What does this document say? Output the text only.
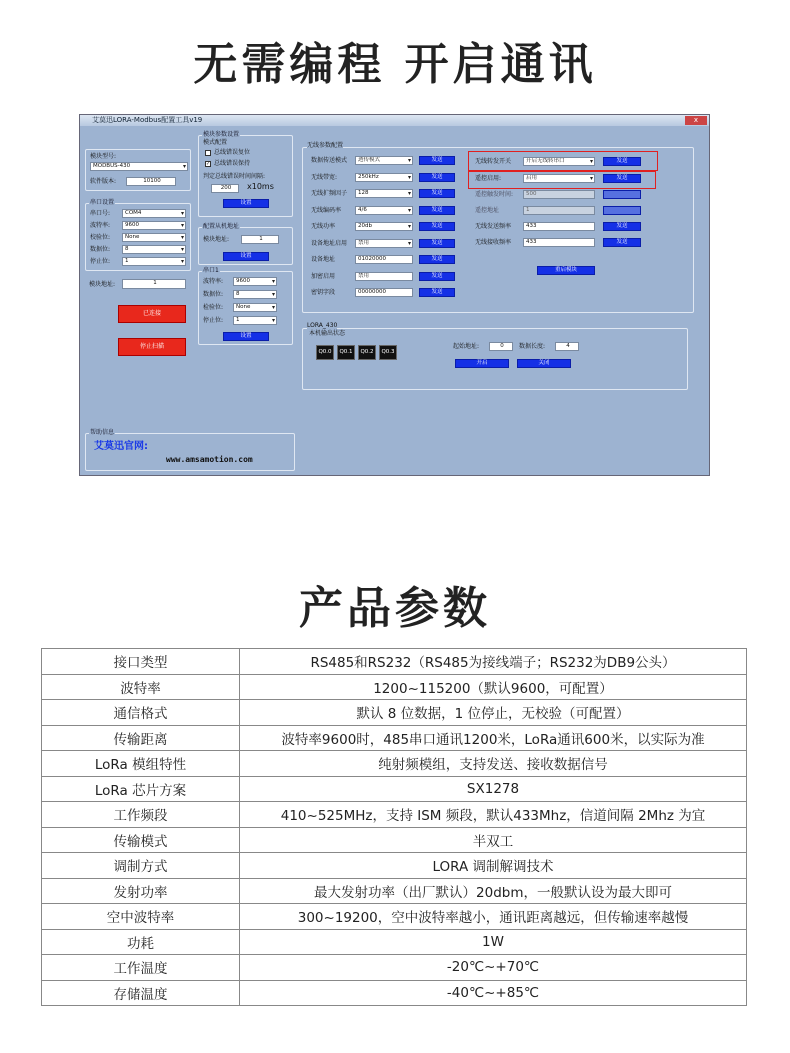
无需编程 开启通讯
艾莫迅LORA-Modbus配置工具v19	x
模块型号:
MODBUS-430 ▾
软件版本:	10100
串口设置
串口号:	COM4 ▾
波特率:	9600 ▾
校验位:	None ▾
数据位:	8 ▾
停止位:	1 ▾
模块地址:	1
已连接
停止扫描
模块参数设置
模式配置
总线错误复位
✓ 总线错误保持
判定总线错误时间间隔:
200	x10ms
设置
配置从机地址
模块地址:	1
设置
串口1
波特率:	9600 ▾
数据位:	8 ▾
检验位:	None ▾
停止位:	1 ▾
设置
无线参数配置
数据传送模式	透传模式 ▾	发送
无线带宽:	250kHz ▾	发送
无线扩频因子	128 ▾	发送
无线编码率	4/6 ▾	发送
无线功率	20db ▾	发送
设备地址启用	禁用 ▾	发送
设备地址	01020000	发送
加密启用	禁用	发送
密钥字段	00000000	发送
无线转发开关	开启无线转串口 ▾	发送
遥控启用:	启用 ▾	发送
遥控触发时间:	500
遥控地址	1
无线发送频率	433	发送
无线接收频率	433	发送
重启模块
LORA_430
本机输出状态
Q0.0	Q0.1	Q0.2	Q0.3
起始地址:	0	数据长度:	4
开启	关闭
帮助信息
艾莫迅官网:
www.amsamotion.com
产品参数
接口类型	RS485和RS232（RS485为接线端子；RS232为DB9公头）
波特率	1200~115200（默认9600，可配置）
通信格式	默认 8 位数据，1 位停止，无校验（可配置）
传输距离	波特率9600时，485串口通讯1200米，LoRa通讯600米，以实际为准
LoRa 模组特性	纯射频模组，支持发送、接收数据信号
LoRa 芯片方案	SX1278
工作频段	410~525MHz，支持 ISM 频段，默认433Mhz，信道间隔 2Mhz 为宜
传输模式	半双工
调制方式	LORA 调制解调技术
发射功率	最大发射功率（出厂默认）20dbm，一般默认设为最大即可
空中波特率	300~19200，空中波特率越小，通讯距离越远，但传输速率越慢
功耗	1W
工作温度	-20℃~+70℃
存储温度	-40℃~+85℃
